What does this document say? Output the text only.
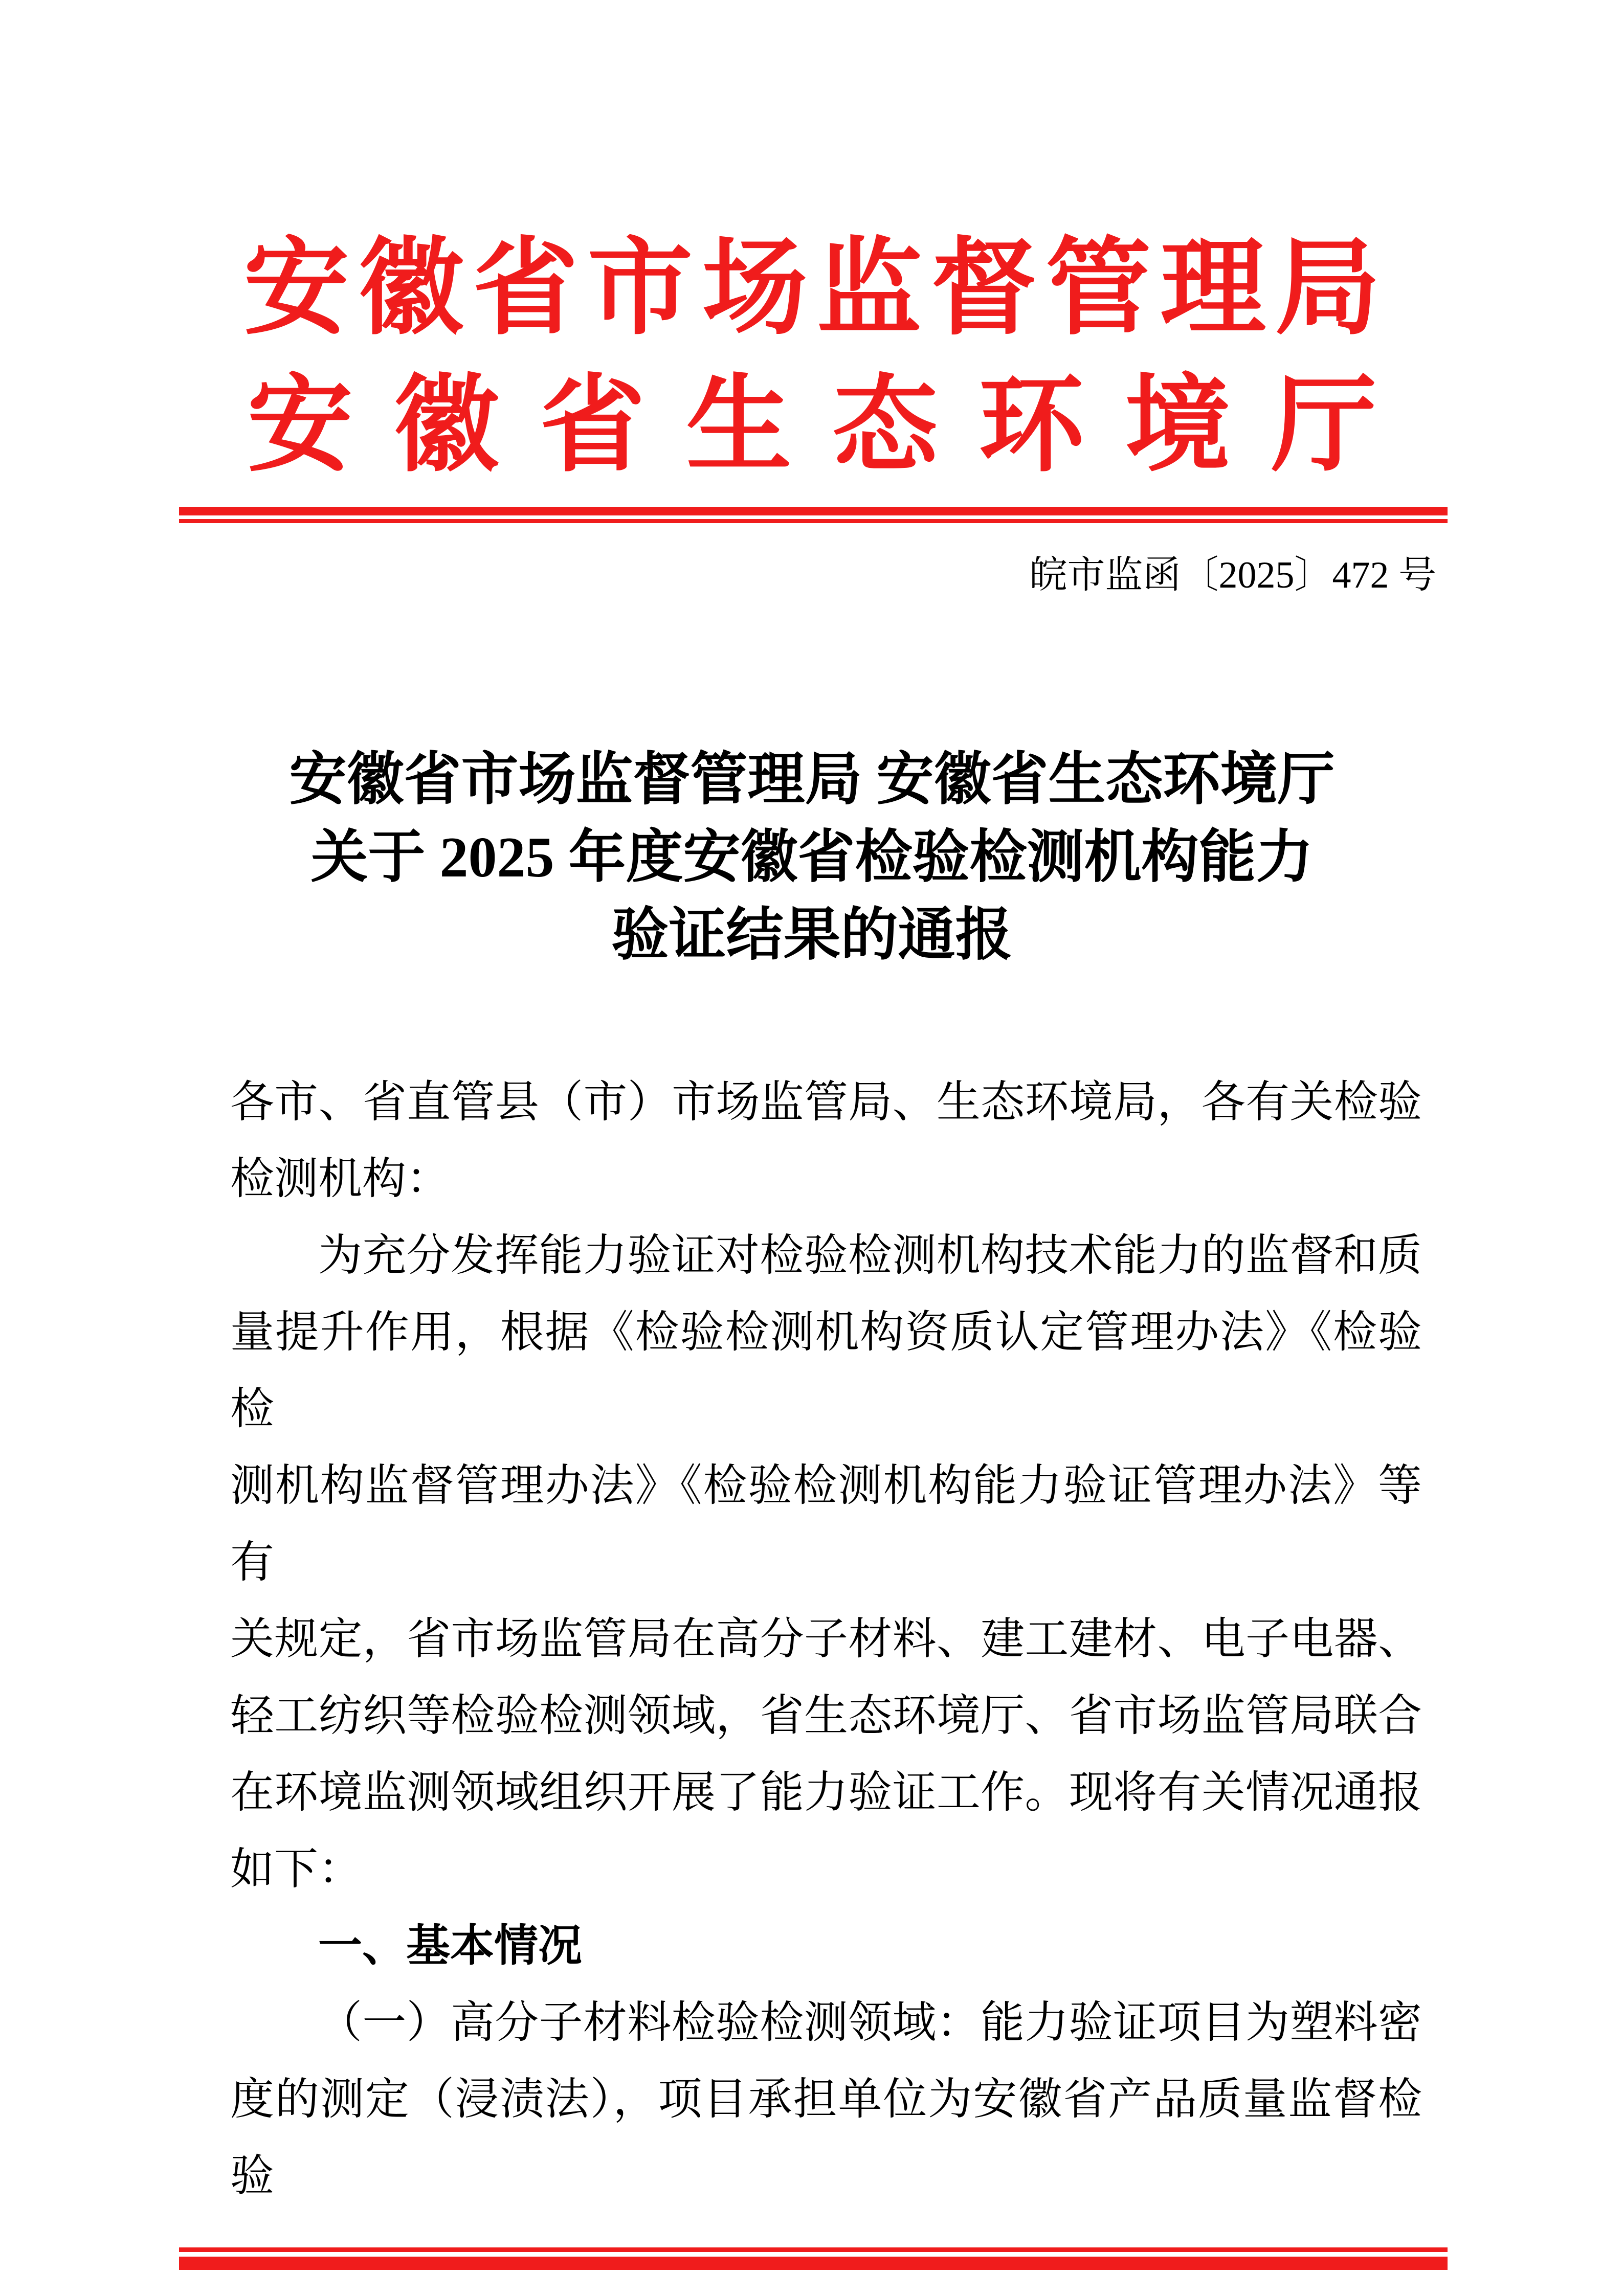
安徽省市场监督管理局
安徽省生态环境厅
皖市监函〔2025〕472 号
安徽省市场监督管理局 安徽省生态环境厅
关于 2025 年度安徽省检验检测机构能力
验证结果的通报
各市、省直管县（市）市场监管局、生态环境局，各有关检验
检测机构：
为充分发挥能力验证对检验检测机构技术能力的监督和质
量提升作用，根据《检验检测机构资质认定管理办法》《检验检
测机构监督管理办法》《检验检测机构能力验证管理办法》等有
关规定，省市场监管局在高分子材料、建工建材、电子电器、
轻工纺织等检验检测领域，省生态环境厅、省市场监管局联合
在环境监测领域组织开展了能力验证工作。现将有关情况通报
如下：
一、基本情况
（一）高分子材料检验检测领域：能力验证项目为塑料密
度的测定（浸渍法），项目承担单位为安徽省产品质量监督检验
